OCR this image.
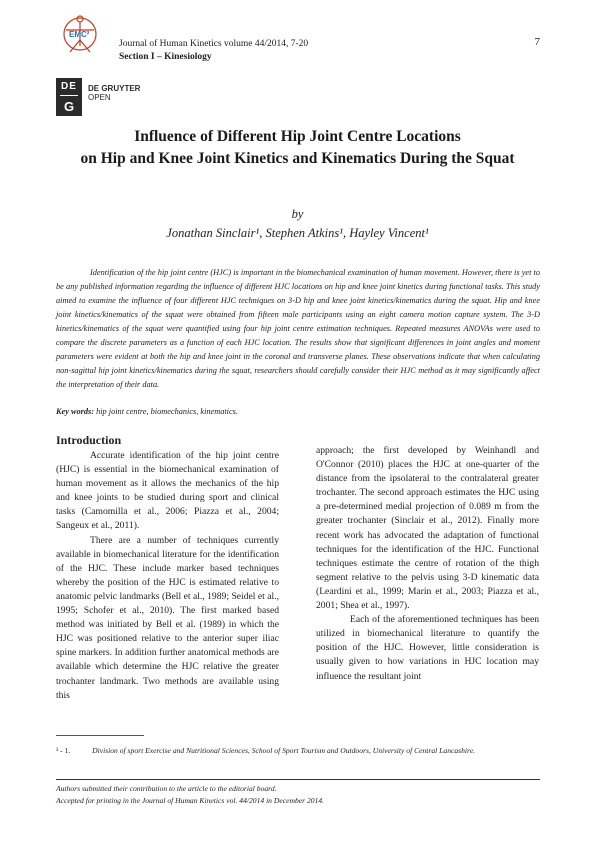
EMC²
Journal of Human Kinetics volume 44/2014, 7-20
Section I – Kinesiology
7
DE
G
DE GRUYTER
OPEN
Influence of Different Hip Joint Centre Locations
on Hip and Knee Joint Kinetics and Kinematics During the Squat
by
Jonathan Sinclair¹, Stephen Atkins¹, Hayley Vincent¹

Identification of the hip joint centre (HJC) is important in the biomechanical examination of human movement. However, there is yet to be any published information regarding the influence of different HJC locations on hip and knee joint kinetics during functional tasks. This study aimed to examine the influence of four different HJC techniques on 3-D hip and knee joint kinetics/kinematics during the squat. Hip and knee joint kinetics/kinematics of the squat were obtained from fifteen male participants using an eight camera motion capture system. The 3-D kinetics/kinematics of the squat were quantified using four hip joint centre estimation techniques. Repeated measures ANOVAs were used to compare the discrete parameters as a function of each HJC location. The results show that significant differences in joint angles and moment parameters were evident at both the hip and knee joint in the coronal and transverse planes. These observations indicate that when calculating non-sagittal hip joint kinetics/kinematics during the squat, researchers should carefully consider their HJC method as it may significantly affect the interpretation of their data.

Key words: hip joint centre, biomechanics, kinematics.
Introduction

Accurate identification of the hip joint centre (HJC) is essential in the biomechanical examination of human movement as it allows the mechanics of the hip and knee joints to be studied during sport and clinical tasks (Camomilla et al., 2006; Piazza et al., 2004; Sangeux et al., 2011).

There are a number of techniques currently available in biomechanical literature for the identification of the HJC. These include marker based techniques whereby the position of the HJC is estimated relative to anatomic pelvic landmarks (Bell et al., 1989; Seidel et al., 1995; Schofer et al., 2010). The first marked based method was initiated by Bell et al. (1989) in which the HJC was positioned relative to the anterior super iliac spine markers. In addition further anatomical methods are available which determine the HJC relative the greater trochanter landmark. Two methods are available using this

approach; the first developed by Weinhandl and O'Connor (2010) places the HJC at one-quarter of the distance from the ipsolateral to the contralateral greater trochanter. The second approach estimates the HJC using a pre-determined medial projection of 0.089 m from the greater trochanter (Sinclair et al., 2012). Finally more recent work has advocated the adaptation of functional techniques for the identification of the HJC. Functional techniques estimate the centre of rotation of the thigh segment relative to the pelvis using 3-D kinematic data (Leardini et al., 1999; Marin et al., 2003; Piazza et al., 2001; Shea et al., 1997).

Each of the aforementioned techniques has been utilized in biomechanical literature to quantify the position of the HJC. However, little consideration is usually given to how variations in HJC location may influence the resultant joint

¹ - 1.	Division of sport Exercise and Nutritional Sciences, School of Sport Tourism and Outdoors, University of Central Lancashire.
Authors submitted their contribution to the article to the editorial board.
Accepted for printing in the Journal of Human Kinetics vol. 44/2014 in December 2014.
